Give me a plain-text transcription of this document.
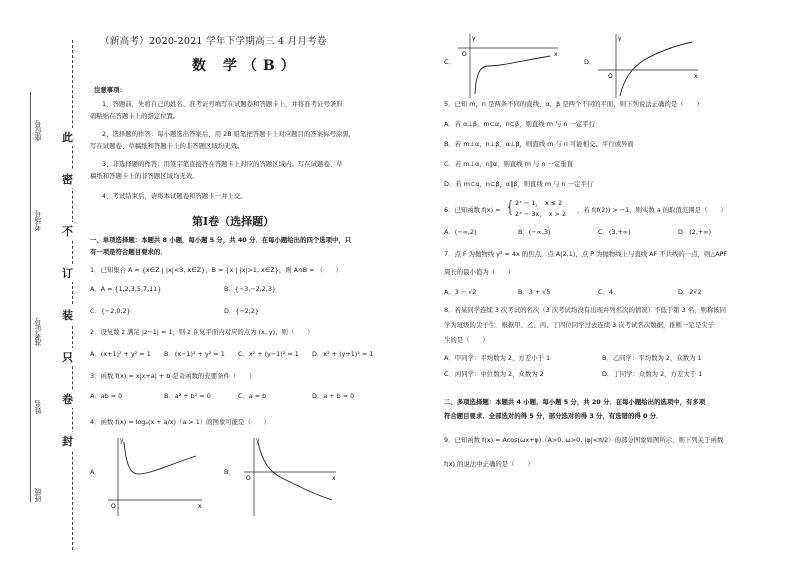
此
密
不
订
装
只
卷
封
座位号
考场号
准考证号
姓名
班级
（新高考）2020-2021 学年下学期高三 4 月月考卷
数 学（B）
注意事项：
1、答题前，先将自己的姓名、准考证号填写在试题卷和答题卡上，并将准考证号条形
码粘贴在答题卡上的指定位置。
2、选择题的作答：每小题选出答案后，用 2B 铅笔把答题卡上对应题目的答案标号涂黑，
写在试题卷、草稿纸和答题卡上的非答题区域均无效。
3、非选择题的作答：用签字笔直接答在答题卡上对应的答题区域内。写在试题卷、草
稿纸和答题卡上的非答题区域均无效。
4、考试结束后，请将本试题卷和答题卡一并上交。
第Ⅰ卷（选择题）
一、单项选择题：本题共 8 小题，每小题 5 分，共 40 分．在每小题给出的四个选项中，只
有一项是符合题目要求的．
1．已知集合 A = {x∈Z | |x|<3, x∈Z}，B = {x | |x|>1, x∈Z}，则 A∩B = （　　）
A．A = {1,2,3,5,7,11}	B．{−3,−2,2,3}
C．{−2,0,2}	D．{−2,2}
2．设复数 z 满足 |z−1| = 1，则 z 在复平面内对应的点为 (x, y)，则（　　）
A．(x+1)² + y² = 1 B．(x−1)² + y² = 1 C．x² + (y−1)² = 1 D．x² + (y+1)² = 1
3．函数 f(x) = x|x+a| + b 是奇函数的充要条件（　　）
A．ab = 0	B．a² + b² = 0	C．a = b	D．a + b = 0
4．函数 f(x) = logₐ(x + a/x)（a > 1）的图象可能是（　　）
A．
y
x
O
B．
y
x
O
C．
y
x
O
D．
y
x
O
5．已知 m，n 是两条不同的直线，α，β 是两个不同的平面，则下列说法正确的是（　　）
A．若 α⊥β，m⊂α，n⊂β，则直线 m 与 n 一定平行
B．若 m⊥α，n⊥β，α⊥β，则直线 m 与 n 可能相交、平行或异面
C．若 m⊥α，n∥α，则直线 m 与 n 一定垂直
D．若 m⊂α，n⊂β，α∥β，则直线 m 与 n 一定平行
6．已知函数 f(x) = { 2ˣ − 1，　x ≤ 2
2ˣ − 3x，　x > 2 ，若 f(f(2)) > −1，则实数 a 的取值范围是（　　）
A．(−∞,2)	B．(−∞,3)	C．(3,+∞)	D．(2,+∞)
7．点 F 为抛物线 y² = 4x 的焦点，点 A(2,1)，点 P 为抛物线上与直线 AF 不共线的一点，则△APF
周长的最小值为（　　）
A．3 − √2	B．3 + √5	C．4	D．2√2
8．若某同学连续 3 次考试的名次（3 次考试均没有出现并列名次的情况）不低于第 3 名，则称该同
学为班级的尖子生．根据甲、乙、丙、丁四位同学过去连续 3 次考试名次数据，推断一定是尖子
生的是（　　）
A．甲同学：平均数为 2，方差小于 1	B．乙同学：平均数为 2，众数为 1
C．丙同学：中位数为 2，众数为 2	D．丁同学：众数为 2，方差大于 1
二、多项选择题：本题共 4 小题，每小题 5 分，共 20 分．在每小题给出的选项中，有多项
符合题目要求．全部选对的得 5 分，部分选对的得 3 分，有选错的得 0 分．
9．已知函数 f(x) = Acos(ωx+φ)（A>0, ω>0, |φ|<π/2）的部分图象如图所示，则下列关于函数
f(x) 的说法中正确的是（　　）
